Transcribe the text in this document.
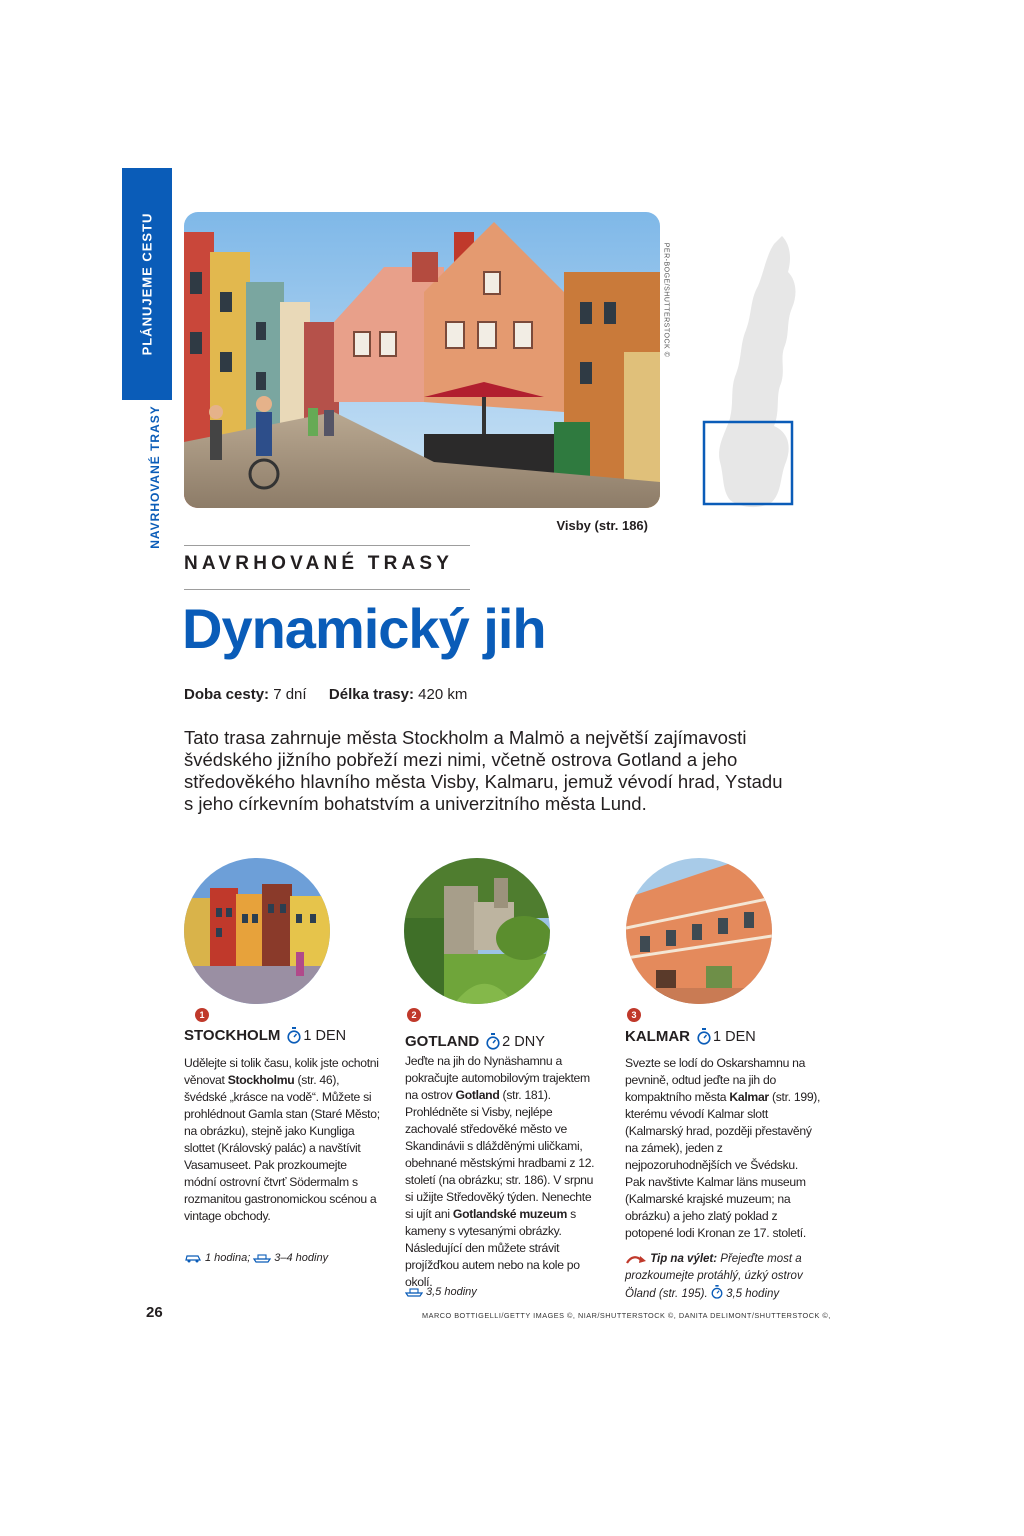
PLÁNUJEME CESTU
NAVRHOVANÉ TRASY
PER-BOGE/SHUTTERSTOCK ©
Visby (str. 186)
NAVRHOVANÉ TRASY
Dynamický jih
Doba cesty: 7 dní Délka trasy: 420 km
Tato trasa zahrnuje města Stockholm a Malmö a největší zajímavosti švédského jižního pobřeží mezi nimi, včetně ostrova Gotland a jeho středověkého hlavního města Visby, Kalmaru, jemuž vévodí hrad, Ystadu s jeho církevním bohatstvím a univerzitního města Lund.
1
STOCKHOLM 1 DEN
Udělejte si tolik času, kolik jste ochotni věnovat Stockholmu (str. 46), švédské „krásce na vodě“. Můžete si prohlédnout Gamla stan (Staré Město; na obrázku), stejně jako Kungliga slottet (Královský palác) a navštívit Vasamuseet. Pak prozkoumejte módní ostrovní čtvrť Södermalm s rozmanitou gastronomickou scénou a vintage obchody.
1 hodina; 3–4 hodiny
2
GOTLAND 2 DNY
Jeďte na jih do Nynäshamnu a pokračujte automobilovým trajektem na ostrov Gotland (str. 181). Prohlédněte si Visby, nejlépe zachovalé středověké město ve Skandinávii s dlážděnými uličkami, obehnané městskými hradbami z 12. století (na obrázku; str. 186). V srpnu si užijte Středověký týden. Nenechte si ujít ani Gotlandské muzeum s kameny s vytesanými obrázky. Následující den můžete strávit projížďkou autem nebo na kole po okolí.
3,5 hodiny
3
KALMAR 1 DEN
Svezte se lodí do Oskarshamnu na pevnině, odtud jeďte na jih do kompaktního města Kalmar (str. 199), kterému vévodí Kalmar slott (Kalmarský hrad, později přestavěný na zámek), jeden z nejpozoruhodnějších ve Švédsku. Pak navštivte Kalmar läns museum (Kalmarské krajské muzeum; na obrázku) a jeho zlatý poklad z potopené lodi Kronan ze 17. století.
Tip na výlet: Přejeďte most a prozkoumejte protáhlý, úzký ostrov Öland (str. 195). 3,5 hodiny
26	MARCO BOTTIGELLI/GETTY IMAGES ©, NIAR/SHUTTERSTOCK ©, DANITA DELIMONT/SHUTTERSTOCK ©,
